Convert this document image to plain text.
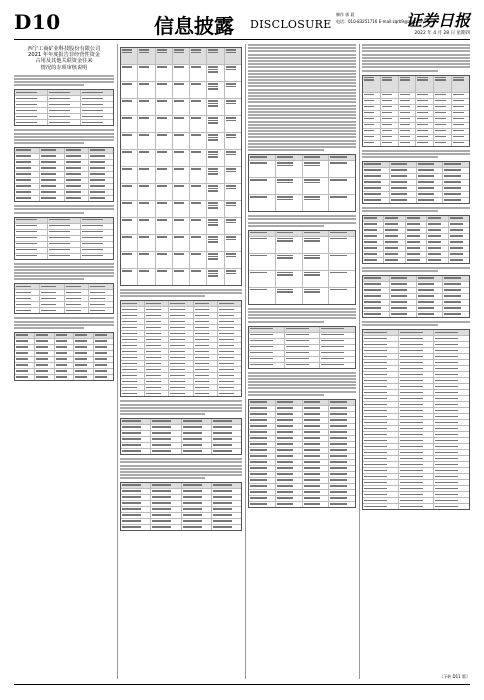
D10	信息披露 DISCLOSURE
制作 郭 晨
电话：010-83251716 E-mail:zqrb9@zqrb.sina.net
证券日报
2022 年 4 月 28 日 星期四
西宁工商矿业科技股份有限公司
2021 年年度报告非经营性资金
占用及其他关联资金往来
情况的专项审核说明
（下转 D11 版）
